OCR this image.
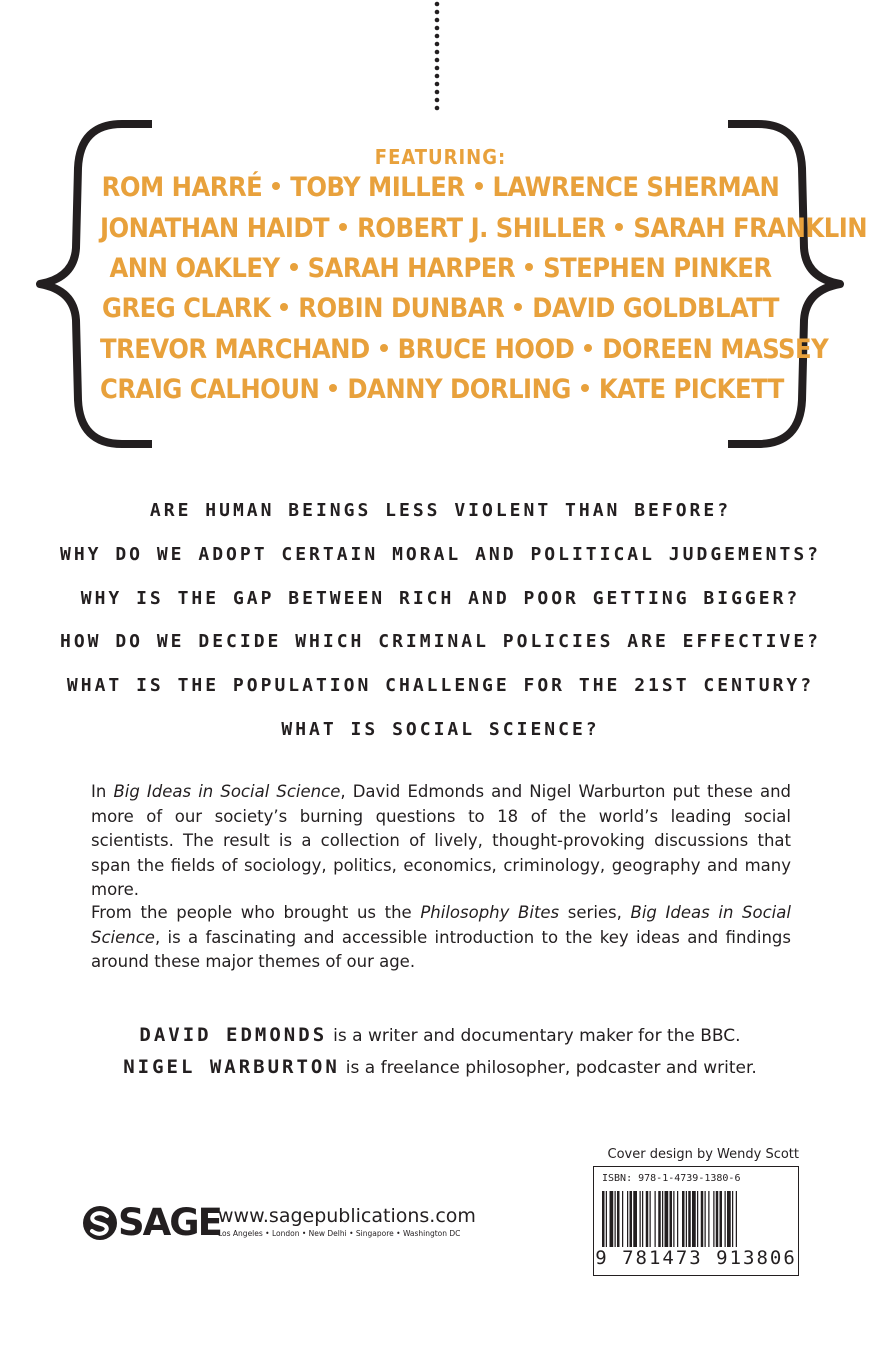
FEATURING:
ROM HARRÉ TOBY MILLER LAWRENCE SHERMAN
JONATHAN HAIDT ROBERT J. SHILLER SARAH FRANKLIN
ANN OAKLEY SARAH HARPER STEPHEN PINKER
GREG CLARK ROBIN DUNBAR DAVID GOLDBLATT
TREVOR MARCHAND BRUCE HOOD DOREEN MASSEY
CRAIG CALHOUN DANNY DORLING KATE PICKETT
ARE HUMAN BEINGS LESS VIOLENT THAN BEFORE?
WHY DO WE ADOPT CERTAIN MORAL AND POLITICAL JUDGEMENTS?
WHY IS THE GAP BETWEEN RICH AND POOR GETTING BIGGER?
HOW DO WE DECIDE WHICH CRIMINAL POLICIES ARE EFFECTIVE?
WHAT IS THE POPULATION CHALLENGE FOR THE 21ST CENTURY?
WHAT IS SOCIAL SCIENCE?
In Big Ideas in Social Science, David Edmonds and Nigel Warburton put these and more of our society’s burning questions to 18 of the world’s leading social scientists. The result is a collection of lively, thought-provoking discussions that span the fields of sociology, politics, economics, criminology, geography and many more.
From the people who brought us the Philosophy Bites series, Big Ideas in Social Science, is a fascinating and accessible introduction to the key ideas and findings around these major themes of our age.
DAVID EDMONDS is a writer and documentary maker for the BBC.
NIGEL WARBURTON is a freelance philosopher, podcaster and writer.
Cover design by Wendy Scott
ISBN: 978-1-4739-1380-6
9 781473 913806
SAGE
www.sagepublications.com
Los Angeles • London • New Delhi • Singapore • Washington DC
